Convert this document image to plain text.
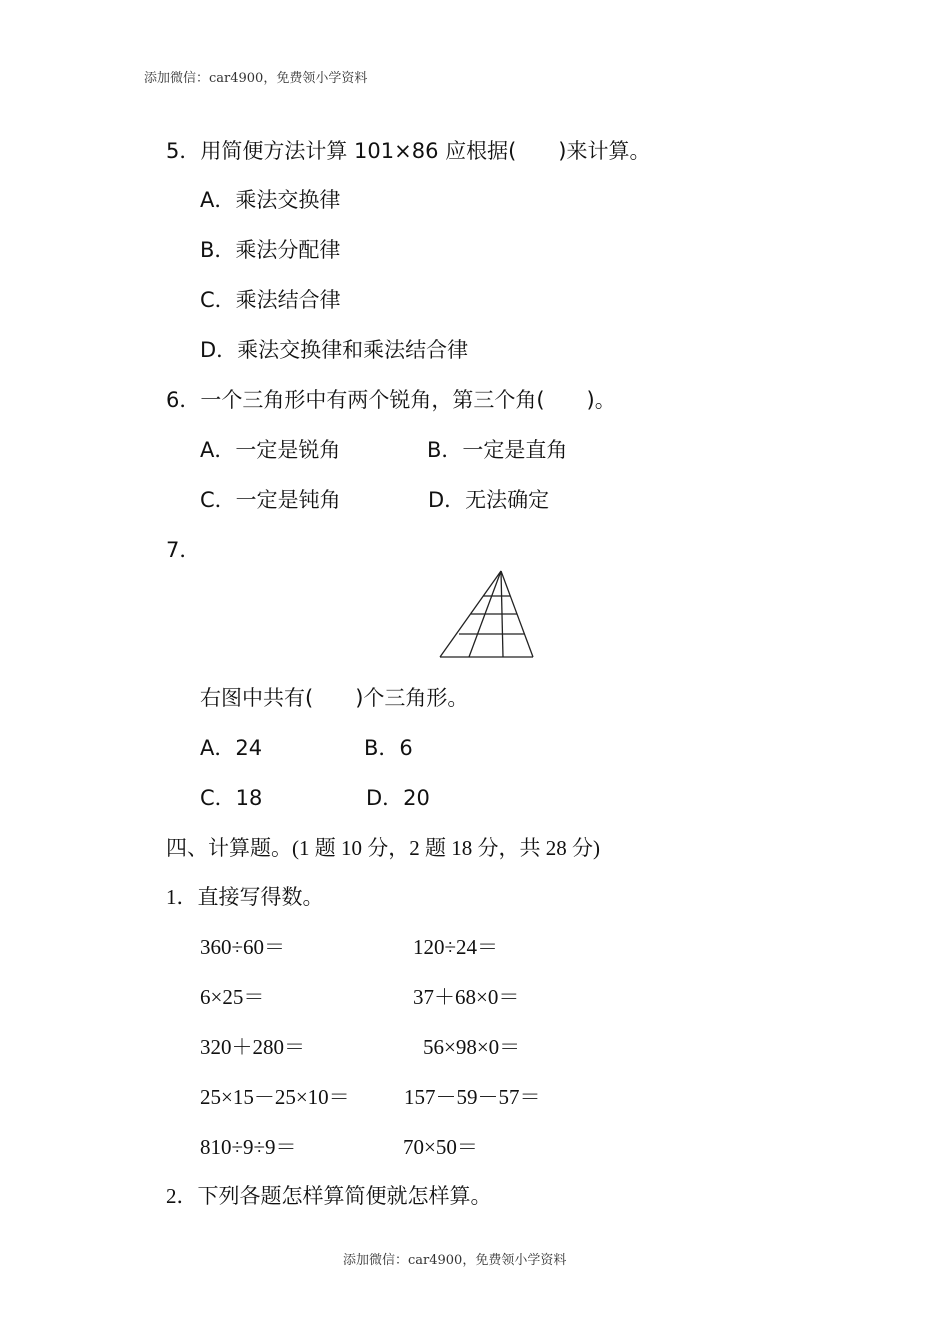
添加微信：car4900，免费领小学资料
5．用简便方法计算 101×86 应根据(　　)来计算。
A．乘法交换律
B．乘法分配律
C．乘法结合律
D．乘法交换律和乘法结合律
6．一个三角形中有两个锐角，第三个角(　　)。
A．一定是锐角	B．一定是直角
C．一定是钝角	D．无法确定
7．
右图中共有(　　)个三角形。
A．24	B．6
C．18	D．20
四、计算题。(1 题 10 分，2 题 18 分，共 28 分)
1．直接写得数。
360÷60＝	120÷24＝
6×25＝	37＋68×0＝
320＋280＝	56×98×0＝
25×15－25×10＝	157－59－57＝
810÷9÷9＝	70×50＝
2．下列各题怎样算简便就怎样算。
添加微信：car4900，免费领小学资料
